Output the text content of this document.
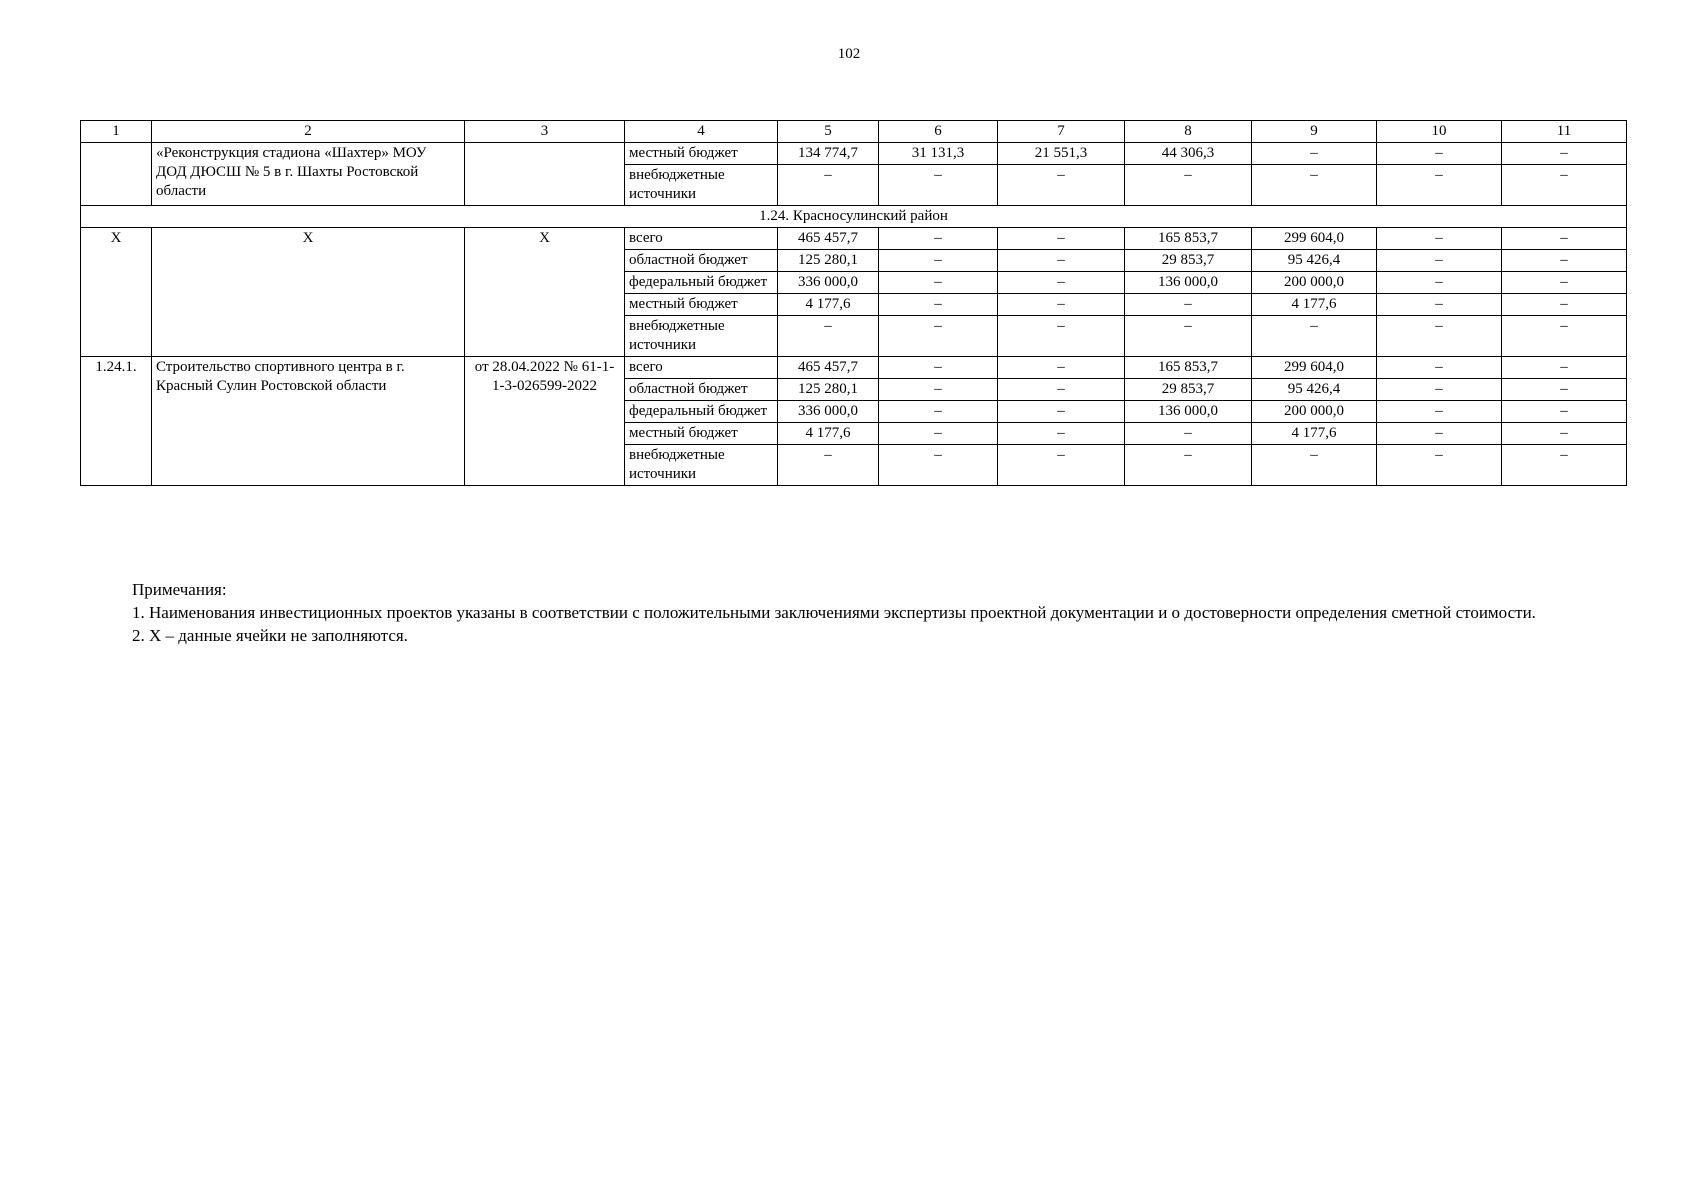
102
1	2	3	4	5	6	7	8	9	10	11
	«Реконструкция стадиона «Шахтер» МОУ ДОД ДЮСШ № 5 в г. Шахты Ростовской области		местный бюджет	134 774,7	31 131,3	21 551,3	44 306,3	–	–	–
			внебюджетные источники	–	–	–	–	–	–	–
1.24. Красносулинский район										
Х	Х	Х	всего	465 457,7	–	–	165 853,7	299 604,0	–	–
			областной бюджет	125 280,1	–	–	29 853,7	95 426,4	–	–
			федеральный бюджет	336 000,0	–	–	136 000,0	200 000,0	–	–
			местный бюджет	4 177,6	–	–	–	4 177,6	–	–
			внебюджетные источники	–	–	–	–	–	–	–
1.24.1.	Строительство спортивного центра в г. Красный Сулин Ростовской области	от 28.04.2022 № 61-1-1-3-026599-2022	всего	465 457,7	–	–	165 853,7	299 604,0	–	–
			областной бюджет	125 280,1	–	–	29 853,7	95 426,4	–	–
			федеральный бюджет	336 000,0	–	–	136 000,0	200 000,0	–	–
			местный бюджет	4 177,6	–	–	–	4 177,6	–	–
			внебюджетные источники	–	–	–	–	–	–	–
Примечания:

1. Наименования инвестиционных проектов указаны в соответствии с положительными заключениями экспертизы проектной документации и о достоверности определения сметной стоимости.

2. Х – данные ячейки не заполняются.
